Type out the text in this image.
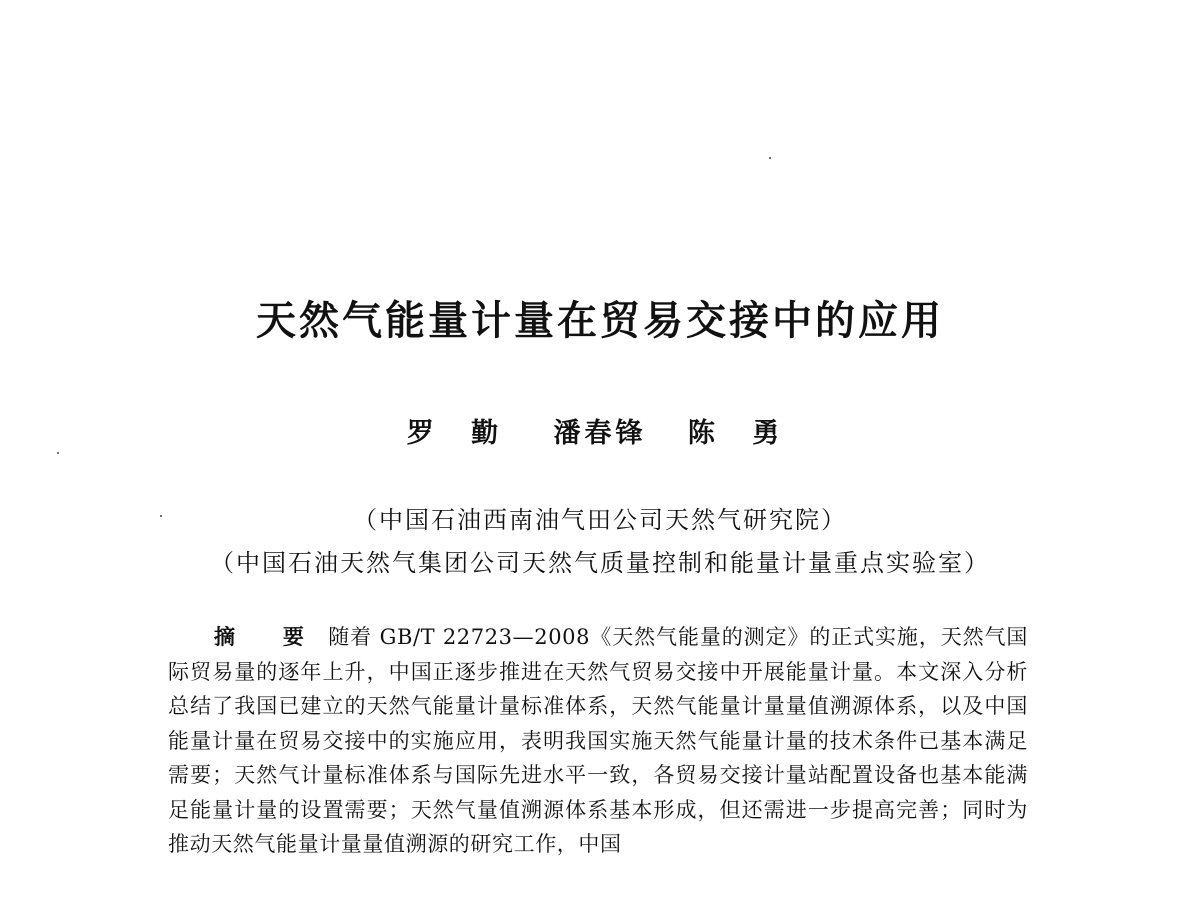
天然气能量计量在贸易交接中的应用
罗 勤 潘春锋 陈 勇
（中国石油西南油气田公司天然气研究院）
（中国石油天然气集团公司天然气质量控制和能量计量重点实验室）
摘 要 随着 GB/T 22723—2008《天然气能量的测定》的正式实施，天然气国际贸易量的逐年上升，中国正逐步推进在天然气贸易交接中开展能量计量。本文深入分析总结了我国已建立的天然气能量计量标准体系，天然气能量计量量值溯源体系，以及中国能量计量在贸易交接中的实施应用，表明我国实施天然气能量计量的技术条件已基本满足需要；天然气计量标准体系与国际先进水平一致，各贸易交接计量站配置设备也基本能满足能量计量的设置需要；天然气量值溯源体系基本形成，但还需进一步提高完善；同时为推动天然气能量计量量值溯源的研究工作，中国
